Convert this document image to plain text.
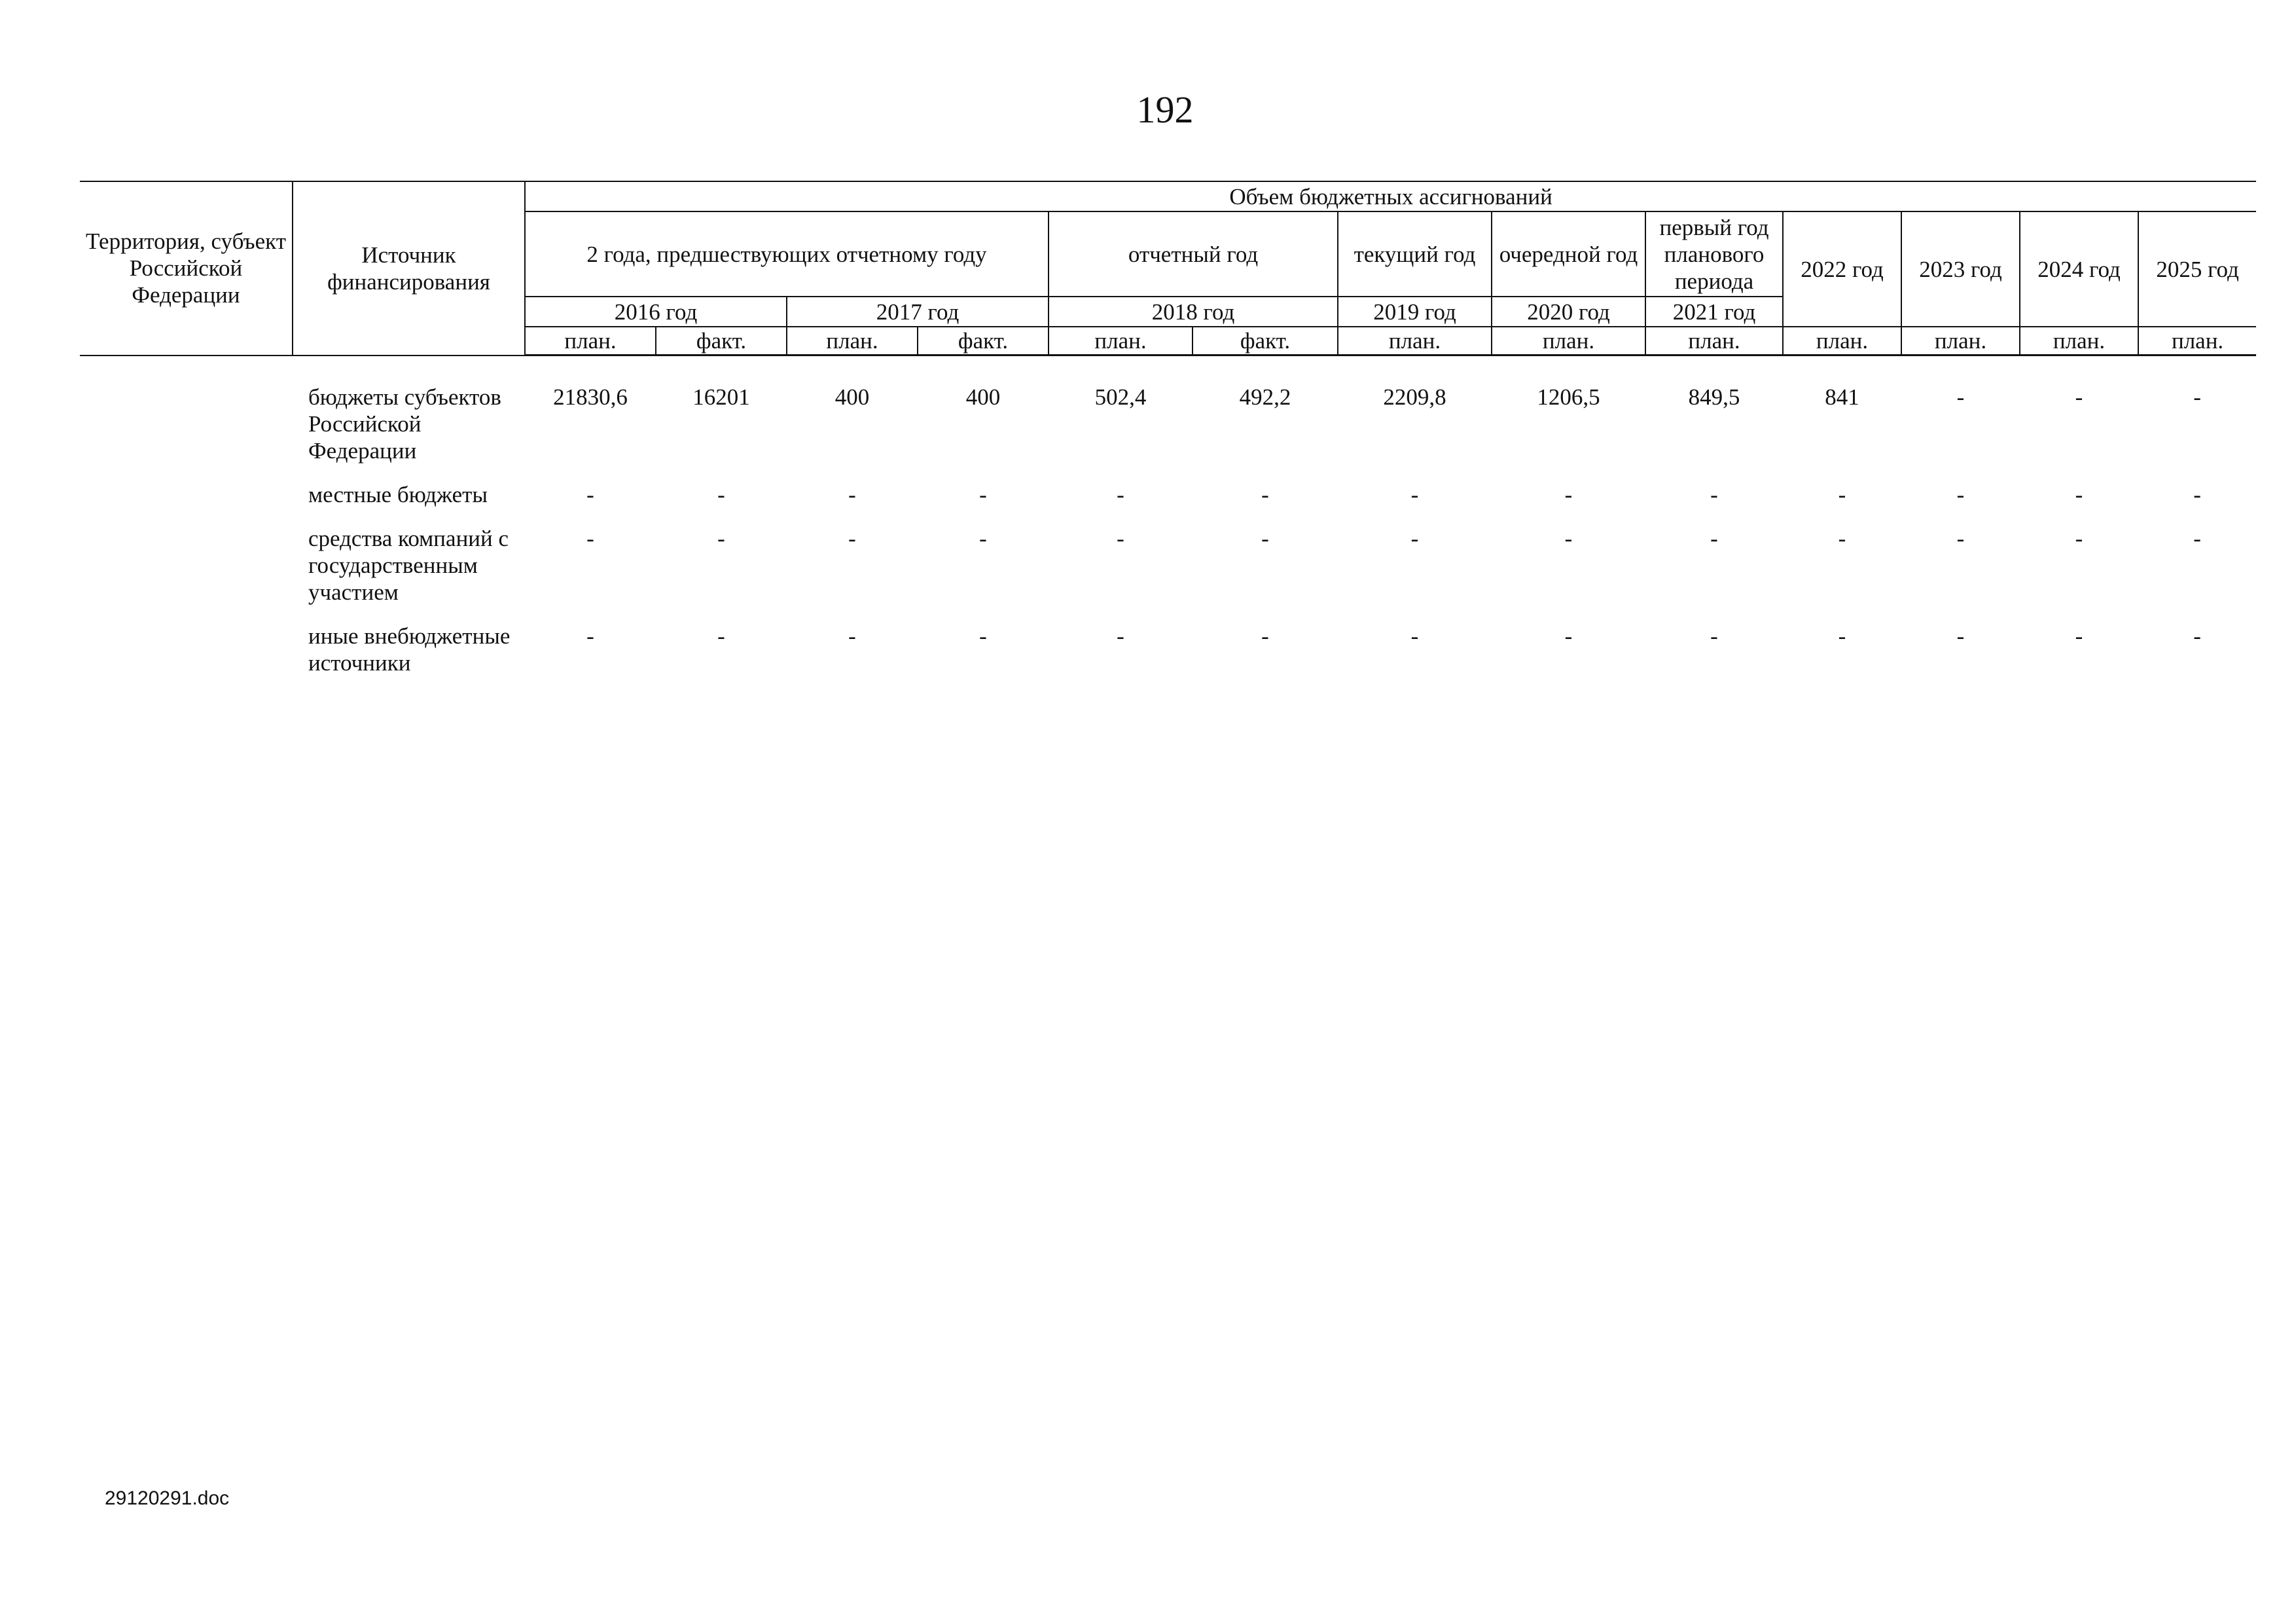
192
Территория, субъект Российской Федерации	Источник финансирования	Объем бюджетных ассигнований												
		2 года, предшествующих отчетному году				отчетный год		текущий год	очередной год	первый год планового периода	2022 год	2023 год	2024 год	2025 год
		2016 год		2017 год		2018 год		2019 год	2020 год	2021 год				
		план.	факт.	план.	факт.	план.	факт.	план.	план.	план.	план.	план.	план.	план.

	бюджеты субъектов Российской Федерации	21830,6	16201	400	400	502,4	492,2	2209,8	1206,5	849,5	841	-	-	-
	местные бюджеты	-	-	-	-	-	-	-	-	-	-	-	-	-
	средства компаний с государственным участием	-	-	-	-	-	-	-	-	-	-	-	-	-
	иные внебюджетные источники	-	-	-	-	-	-	-	-	-	-	-	-	-
29120291.doc
